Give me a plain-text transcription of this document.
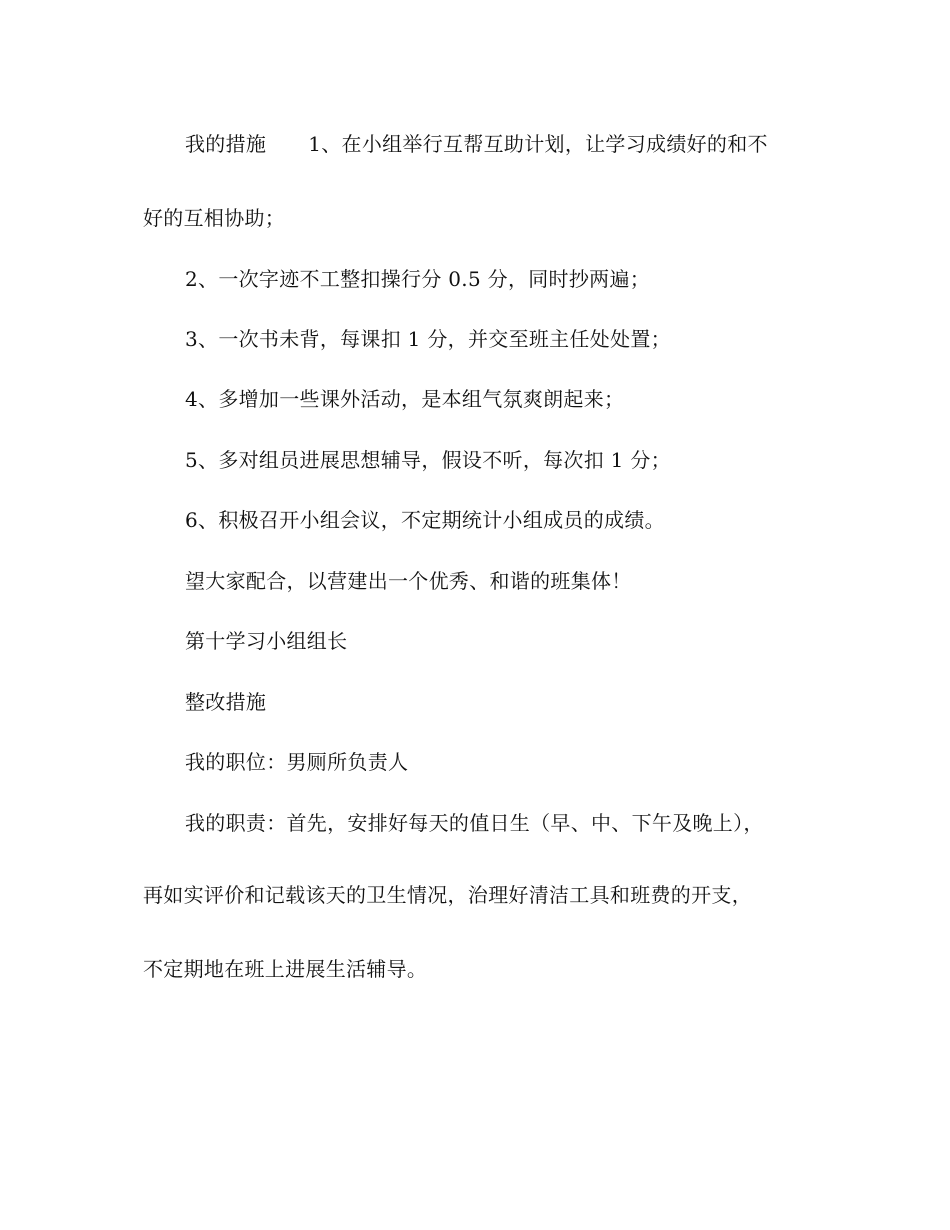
我的措施 1、在小组举行互帮互助计划，让学习成绩好的和不
好的互相协助；
2、一次字迹不工整扣操行分 0.5 分，同时抄两遍；
3、一次书未背，每课扣 1 分，并交至班主任处处置；
4、多增加一些课外活动，是本组气氛爽朗起来；
5、多对组员进展思想辅导，假设不听，每次扣 1 分；
6、积极召开小组会议，不定期统计小组成员的成绩。
望大家配合，以营建出一个优秀、和谐的班集体！
第十学习小组组长
整改措施
我的职位：男厕所负责人
我的职责：首先，安排好每天的值日生（早、中、下午及晚上），
再如实评价和记载该天的卫生情况，治理好清洁工具和班费的开支，
不定期地在班上进展生活辅导。
